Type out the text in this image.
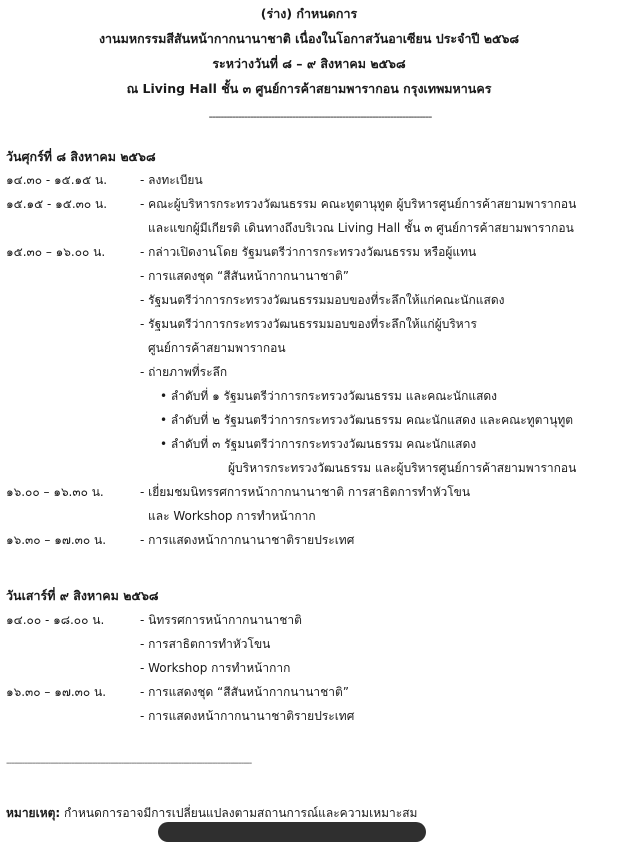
(ร่าง) กำหนดการ
งานมหกรรมสีสันหน้ากากนานาชาติ เนื่องในโอกาสวันอาเซียน ประจำปี ๒๕๖๘
ระหว่างวันที่ ๘ – ๙ สิงหาคม ๒๕๖๘
ณ Living Hall ชั้น ๓ ศูนย์การค้าสยามพารากอน กรุงเทพมหานคร
---------------------------------------------------------------------------
วันศุกร์ที่ ๘ สิงหาคม ๒๕๖๘
๑๔.๓๐ - ๑๕.๑๕ น.	- ลงทะเบียน
๑๕.๑๕ - ๑๕.๓๐ น.	- คณะผู้บริหารกระทรวงวัฒนธรรม คณะทูตานุทูต ผู้บริหารศูนย์การค้าสยามพารากอน
และแขกผู้มีเกียรติ เดินทางถึงบริเวณ Living Hall ชั้น ๓ ศูนย์การค้าสยามพารากอน
๑๕.๓๐ – ๑๖.๐๐ น.	- กล่าวเปิดงานโดย รัฐมนตรีว่าการกระทรวงวัฒนธรรม หรือผู้แทน
- การแสดงชุด “สีสันหน้ากากนานาชาติ”
- รัฐมนตรีว่าการกระทรวงวัฒนธรรมมอบของที่ระลึกให้แก่คณะนักแสดง
- รัฐมนตรีว่าการกระทรวงวัฒนธรรมมอบของที่ระลึกให้แก่ผู้บริหาร
ศูนย์การค้าสยามพารากอน
- ถ่ายภาพที่ระลึก
• ลำดับที่ ๑ รัฐมนตรีว่าการกระทรวงวัฒนธรรม และคณะนักแสดง
• ลำดับที่ ๒ รัฐมนตรีว่าการกระทรวงวัฒนธรรม คณะนักแสดง และคณะทูตานุทูต
• ลำดับที่ ๓ รัฐมนตรีว่าการกระทรวงวัฒนธรรม คณะนักแสดง
ผู้บริหารกระทรวงวัฒนธรรม และผู้บริหารศูนย์การค้าสยามพารากอน
๑๖.๐๐ – ๑๖.๓๐ น.	- เยี่ยมชมนิทรรศการหน้ากากนานาชาติ การสาธิตการทำหัวโขน
และ Workshop การทำหน้ากาก
๑๖.๓๐ – ๑๗.๓๐ น.	- การแสดงหน้ากากนานาชาติรายประเทศ
วันเสาร์ที่ ๙ สิงหาคม ๒๕๖๘
๑๔.๐๐ - ๑๘.๐๐ น.	- นิทรรศการหน้ากากนานาชาติ
- การสาธิตการทำหัวโขน
- Workshop การทำหน้ากาก
๑๖.๓๐ – ๑๗.๓๐ น.	- การแสดงชุด “สีสันหน้ากากนานาชาติ”
- การแสดงหน้ากากนานาชาติรายประเทศ
----------------------------------------------------------------------------------------------
หมายเหตุ: กำหนดการอาจมีการเปลี่ยนแปลงตามสถานการณ์และความเหมาะสม
